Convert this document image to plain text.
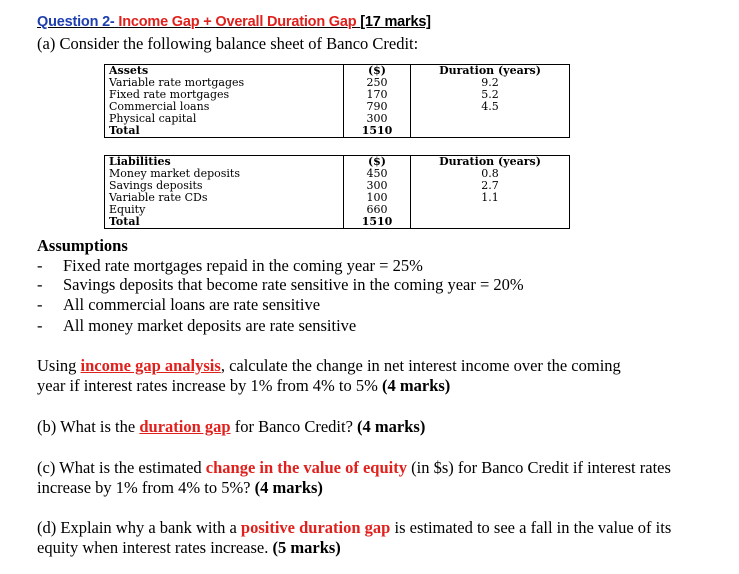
Question 2- Income Gap + Overall Duration Gap [17 marks]
(a) Consider the following balance sheet of Banco Credit:
Assets	($)	Duration (years)
Variable rate mortgages	250	9.2
Fixed rate mortgages	170	5.2
Commercial loans	790	4.5
Physical capital	300	
Total	1510	
Liabilities	($)	Duration (years)
Money market deposits	450	0.8
Savings deposits	300	2.7
Variable rate CDs	100	1.1
Equity	660	
Total	1510	
Assumptions
- Fixed rate mortgages repaid in the coming year = 25%
- Savings deposits that become rate sensitive in the coming year = 20%
- All commercial loans are rate sensitive
- All money market deposits are rate sensitive
Using income gap analysis, calculate the change in net interest income over the coming
year if interest rates increase by 1% from 4% to 5% (4 marks)
(b) What is the duration gap for Banco Credit? (4 marks)
(c) What is the estimated change in the value of equity (in $s) for Banco Credit if interest rates
increase by 1% from 4% to 5%? (4 marks)
(d) Explain why a bank with a positive duration gap is estimated to see a fall in the value of its
equity when interest rates increase. (5 marks)
